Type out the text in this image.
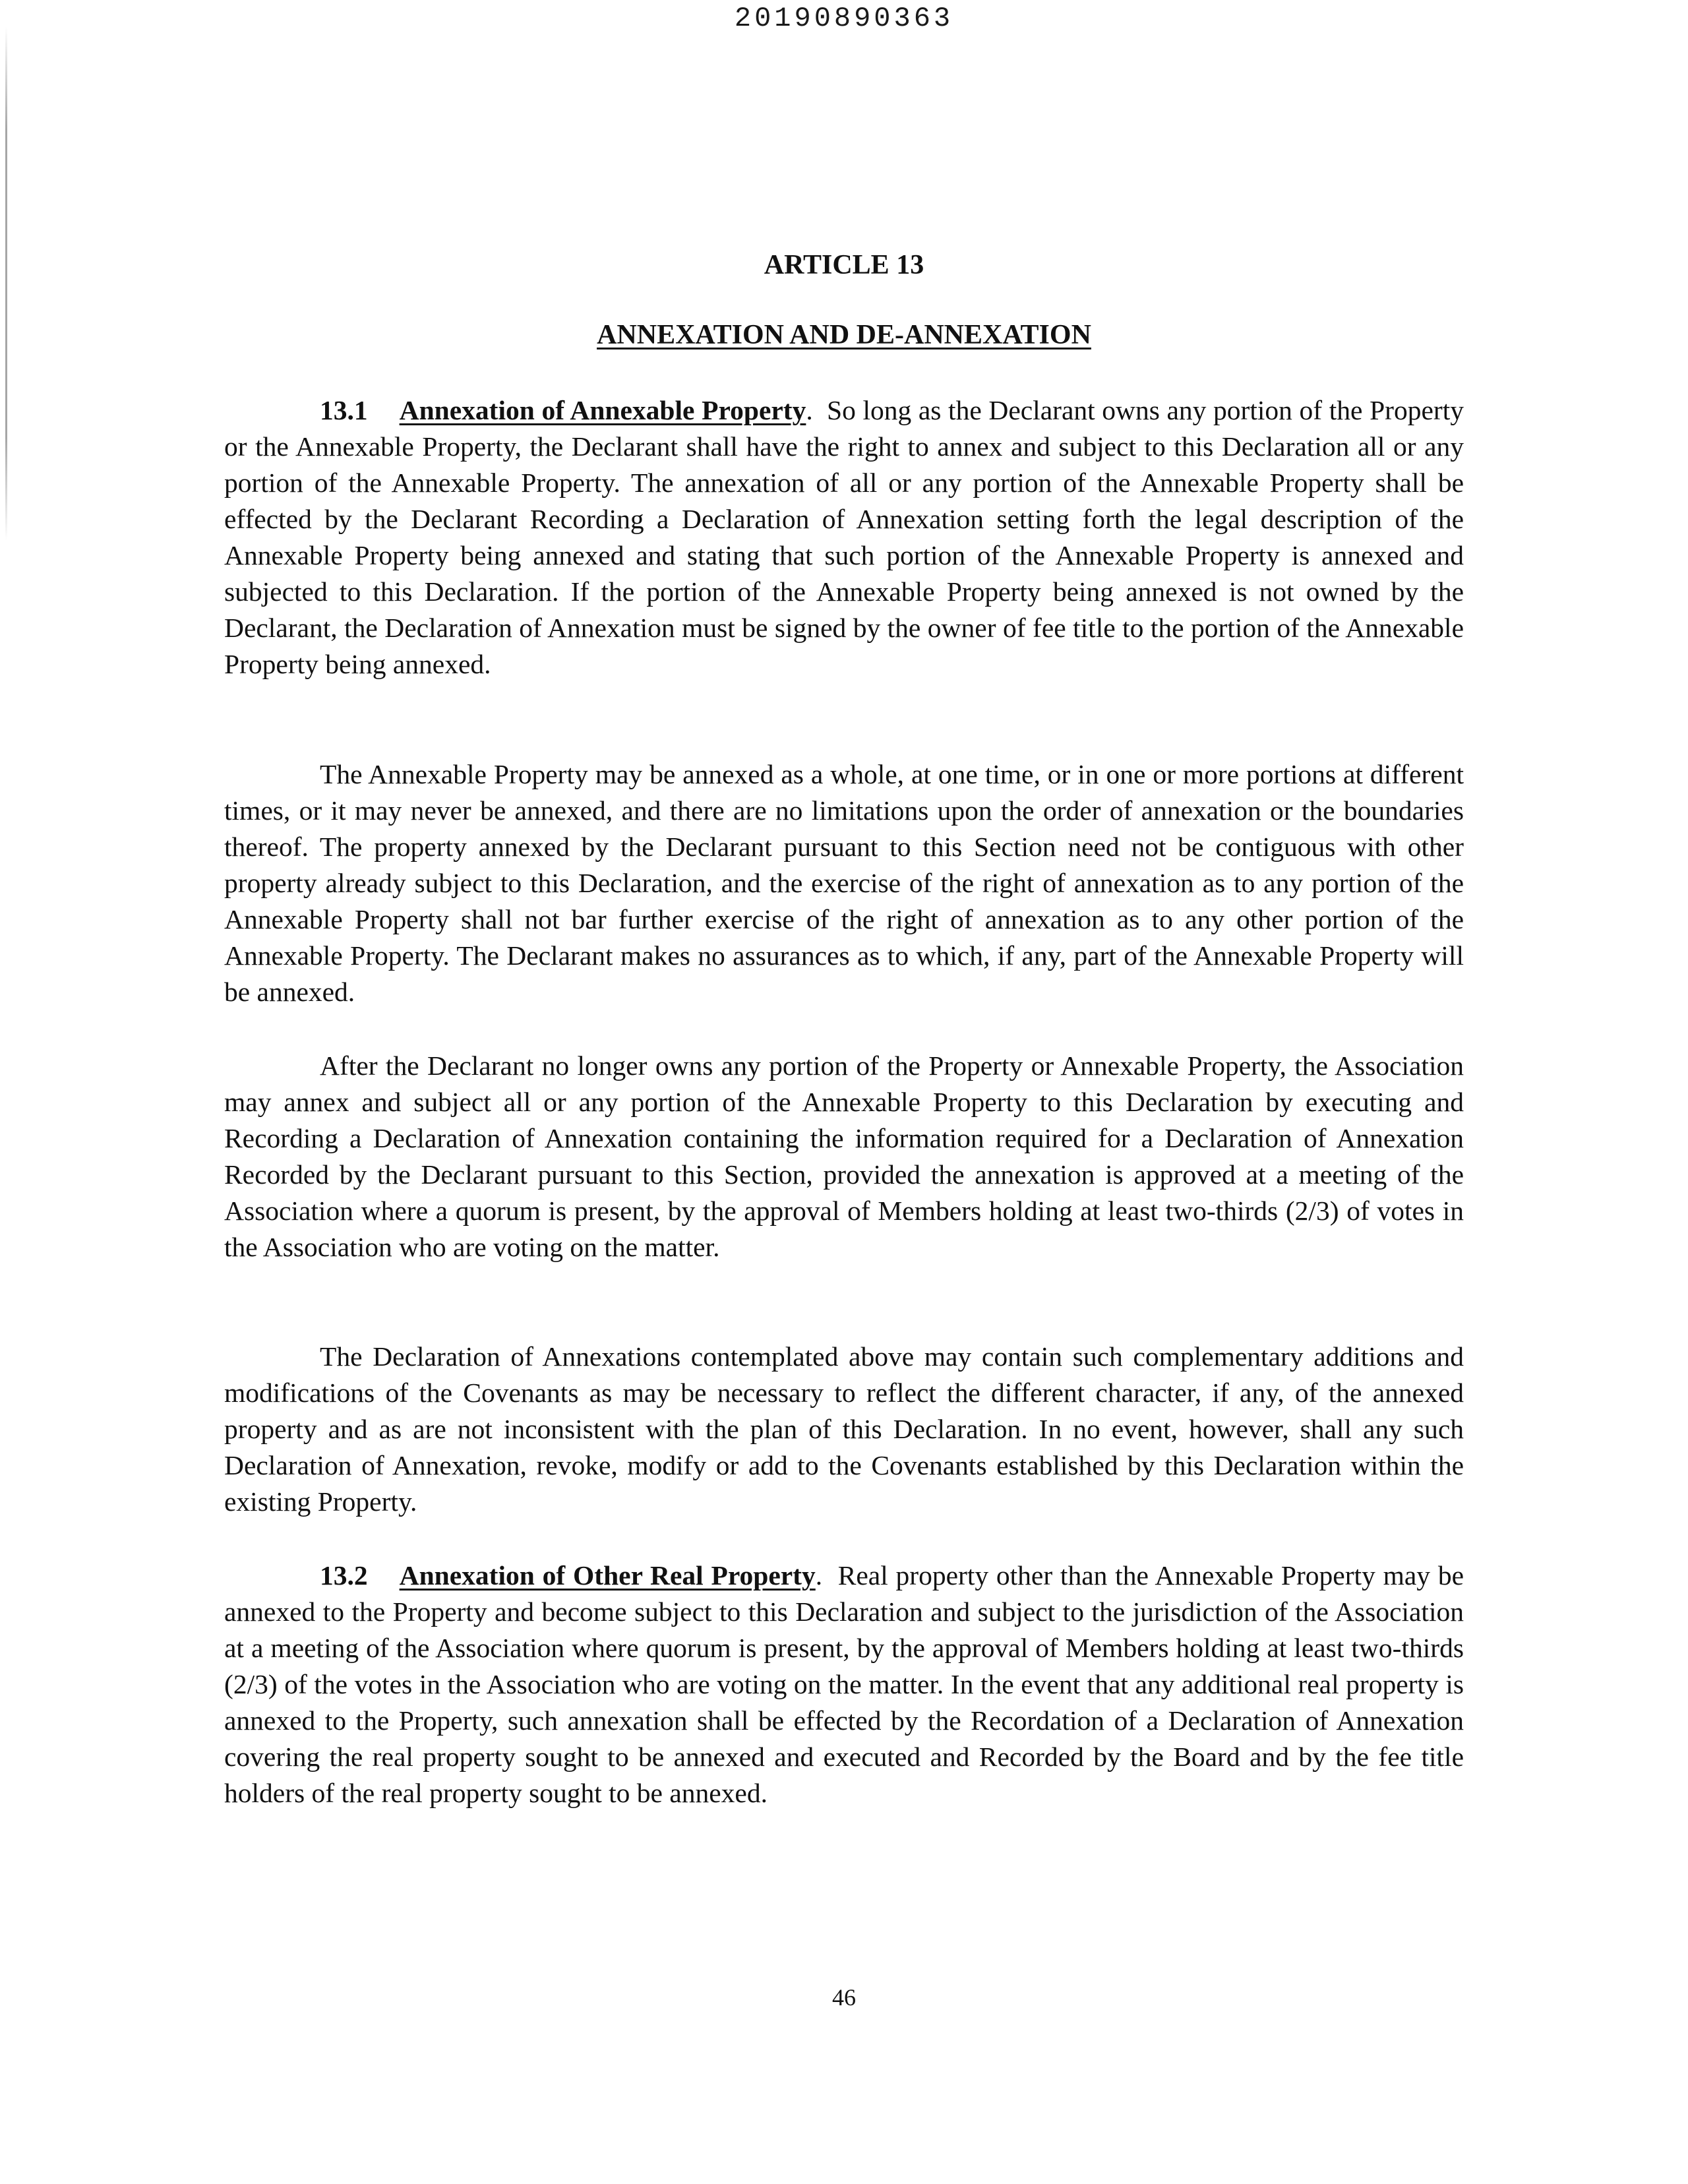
20190890363
ARTICLE 13
ANNEXATION AND DE-ANNEXATION

13.1 Annexation of Annexable Property. So long as the Declarant owns any portion of the Property or the Annexable Property, the Declarant shall have the right to annex and subject to this Declaration all or any portion of the Annexable Property. The annexation of all or any portion of the Annexable Property shall be effected by the Declarant Recording a Declaration of Annexation setting forth the legal description of the Annexable Property being annexed and stating that such portion of the Annexable Property is annexed and subjected to this Declaration. If the portion of the Annexable Property being annexed is not owned by the Declarant, the Declaration of Annexation must be signed by the owner of fee title to the portion of the Annexable Property being annexed.

The Annexable Property may be annexed as a whole, at one time, or in one or more portions at different times, or it may never be annexed, and there are no limitations upon the order of annexation or the boundaries thereof. The property annexed by the Declarant pursuant to this Section need not be contiguous with other property already subject to this Declaration, and the exercise of the right of annexation as to any portion of the Annexable Property shall not bar further exercise of the right of annexation as to any other portion of the Annexable Property. The Declarant makes no assurances as to which, if any, part of the Annexable Property will be annexed.

After the Declarant no longer owns any portion of the Property or Annexable Property, the Association may annex and subject all or any portion of the Annexable Property to this Declaration by executing and Recording a Declaration of Annexation containing the information required for a Declaration of Annexation Recorded by the Declarant pursuant to this Section, provided the annexation is approved at a meeting of the Association where a quorum is present, by the approval of Members holding at least two-thirds (2/3) of votes in the Association who are voting on the matter.

The Declaration of Annexations contemplated above may contain such complementary additions and modifications of the Covenants as may be necessary to reflect the different character, if any, of the annexed property and as are not inconsistent with the plan of this Declaration. In no event, however, shall any such Declaration of Annexation, revoke, modify or add to the Covenants established by this Declaration within the existing Property.

13.2 Annexation of Other Real Property. Real property other than the Annexable Property may be annexed to the Property and become subject to this Declaration and subject to the jurisdiction of the Association at a meeting of the Association where quorum is present, by the approval of Members holding at least two-thirds (2/3) of the votes in the Association who are voting on the matter. In the event that any additional real property is annexed to the Property, such annexation shall be effected by the Recordation of a Declaration of Annexation covering the real property sought to be annexed and executed and Recorded by the Board and by the fee title holders of the real property sought to be annexed.

46
